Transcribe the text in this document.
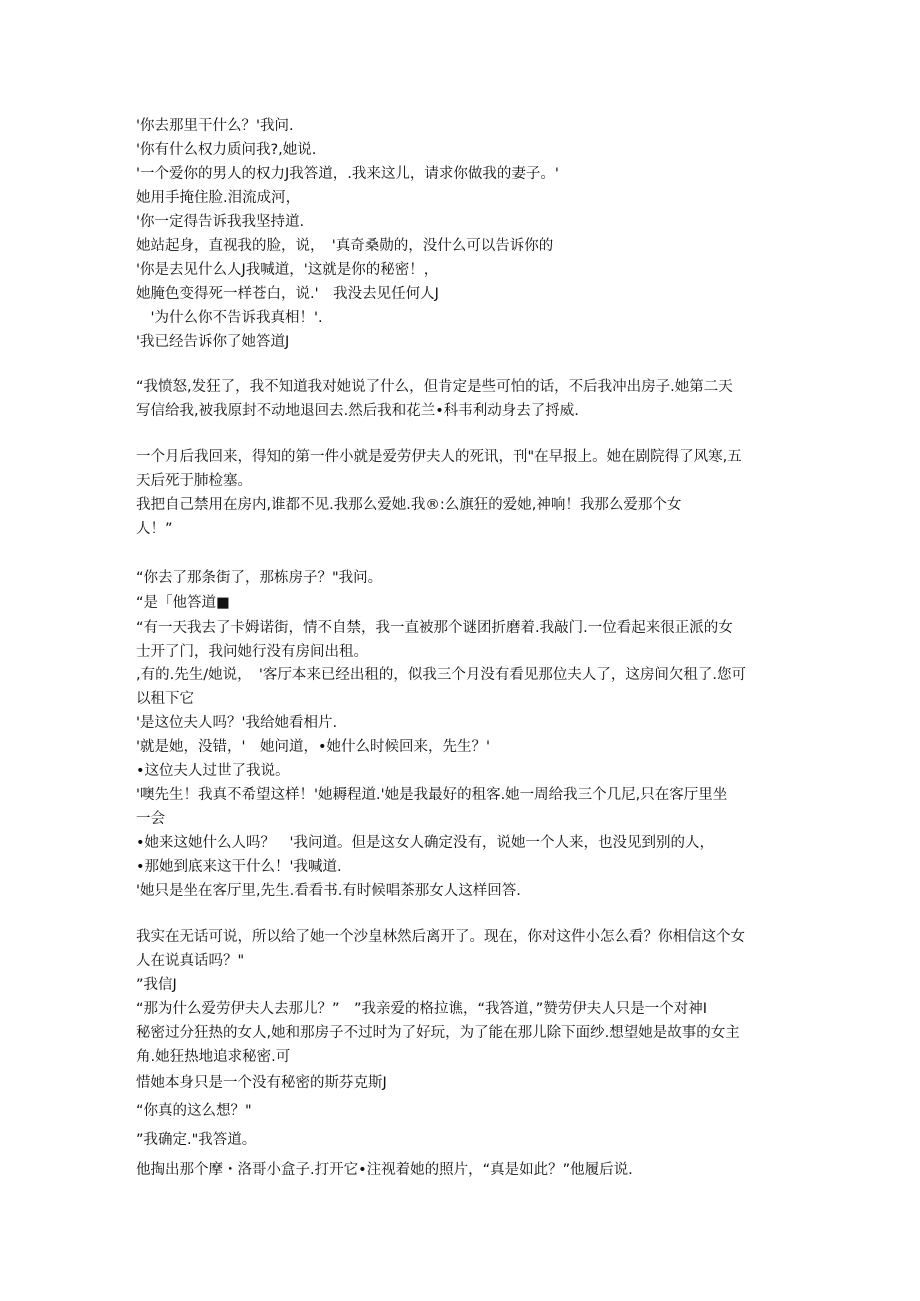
'你去那里干什么？'我问.
'你有什么权力质问我?,她说.
'一个爱你的男人的权力J我答道，.我来这儿，请求你做我的妻子。'
她用手掩住脸.泪流成河，
'你一定得告诉我我坚持道.
她站起身，直视我的脸，说，　'真奇桑勋的，没什么可以告诉你的
'你是去见什么人J我喊道，'这就是你的秘密！，
她腌色变得死一样苍白，说.'　我没去见任何人J
　'为什么你不告诉我真相！'.
'我已经告诉你了她答道J
“我愤怒,发狂了，我不知道我对她说了什么，但肯定是些可怕的话，不后我冲出房子.她第二天
写信给我,被我原封不动地退回去.然后我和花兰•科韦利动身去了捋威.
一个月后我回来，得知的第一件小就是爱劳伊夫人的死讯，刊"在早报上。她在剧院得了风寒,五
天后死于肺检塞。
我把自己禁用在房内,谁都不见.我那么爱她.我®:么旗狂的爱她,神响！我那么爱那个女
人！”
“你去了那条街了，那栋房子？"我问。
“是「他答道■
“有一天我去了卡姆诺街，情不自禁，我一直被那个谜团折磨着.我敲门.一位看起来很正派的女
士开了门，我问她行没有房间出租。
,有的.先生/她说，　'客厅本来已经出租的，似我三个月没有看见那位夫人了，这房间欠租了.您可
以租下它
'是这位夫人吗？'我给她看相片.
'就是她，没错，'　她问道，•她什么时候回来，先生？'
•这位夫人过世了我说。
'噢先生！我真不希望这样！'她耨程道.'她是我最好的租客.她一周给我三个几尼,只在客厅里坐
一会
•她来这她什么人吗？　'我问道。但是这女人确定没有，说她一个人来，也没见到别的人，
•那她到底来这干什么！'我喊道.
'她只是坐在客厅里,先生.看看书.有时候唱茶那女人这样回答.
我实在无话可说，所以给了她一个沙皇林然后离开了。现在，你对这件小怎么看？你相信这个女
人在说真话吗？"
”我信J
“那为什么爱劳伊夫人去那儿？”　”我亲爱的格拉谯，“我答道，”赞劳伊夫人只是一个对神I
秘密过分狂热的女人,她和那房子不过时为了好玩，为了能在那儿除下面纱.想望她是故事的女主
角.她狂热地追求秘密.可
惜她本身只是一个没有秘密的斯芬克斯J
“你真的这么想？"
”我确定."我答道。
他掏出那个摩・洛哥小盒子.打开它•注视着她的照片，“真是如此？”他履后说.
